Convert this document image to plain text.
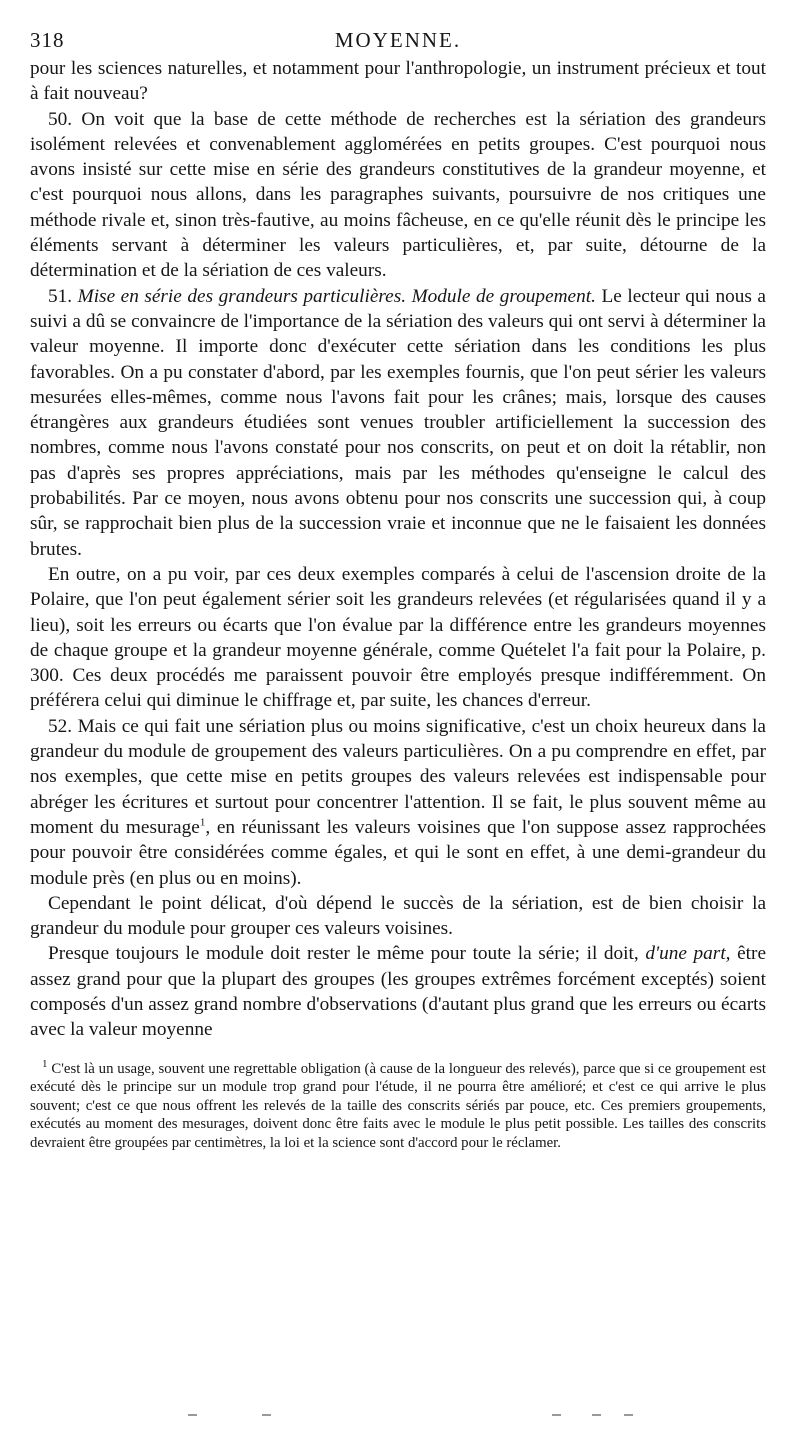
318	MOYENNE.

pour les sciences naturelles, et notamment pour l'anthropologie, un instrument précieux et tout à fait nouveau?

50. On voit que la base de cette méthode de recherches est la sériation des grandeurs isolément relevées et convenablement agglomérées en petits groupes. C'est pourquoi nous avons insisté sur cette mise en série des grandeurs constitutives de la grandeur moyenne, et c'est pourquoi nous allons, dans les paragraphes suivants, poursuivre de nos critiques une méthode rivale et, sinon très-fautive, au moins fâcheuse, en ce qu'elle réunit dès le principe les éléments servant à déterminer les valeurs particulières, et, par suite, détourne de la détermination et de la sériation de ces valeurs.

51. Mise en série des grandeurs particulières. Module de groupement. Le lecteur qui nous a suivi a dû se convaincre de l'importance de la sériation des valeurs qui ont servi à déterminer la valeur moyenne. Il importe donc d'exécuter cette sériation dans les conditions les plus favorables. On a pu constater d'abord, par les exemples fournis, que l'on peut sérier les valeurs mesurées elles-mêmes, comme nous l'avons fait pour les crânes; mais, lorsque des causes étrangères aux grandeurs étudiées sont venues troubler artificiellement la succession des nombres, comme nous l'avons constaté pour nos conscrits, on peut et on doit la rétablir, non pas d'après ses propres appréciations, mais par les méthodes qu'enseigne le calcul des probabilités. Par ce moyen, nous avons obtenu pour nos conscrits une succession qui, à coup sûr, se rapprochait bien plus de la succession vraie et inconnue que ne le faisaient les données brutes.

En outre, on a pu voir, par ces deux exemples comparés à celui de l'ascension droite de la Polaire, que l'on peut également sérier soit les grandeurs relevées (et régularisées quand il y a lieu), soit les erreurs ou écarts que l'on évalue par la différence entre les grandeurs moyennes de chaque groupe et la grandeur moyenne générale, comme Quételet l'a fait pour la Polaire, p. 300. Ces deux procédés me paraissent pouvoir être employés presque indifféremment. On préférera celui qui diminue le chiffrage et, par suite, les chances d'erreur.

52. Mais ce qui fait une sériation plus ou moins significative, c'est un choix heureux dans la grandeur du module de groupement des valeurs particulières. On a pu comprendre en effet, par nos exemples, que cette mise en petits groupes des valeurs relevées est indispensable pour abréger les écritures et surtout pour concentrer l'attention. Il se fait, le plus souvent même au moment du mesurage$^1$, en réunissant les valeurs voisines que l'on suppose assez rapprochées pour pouvoir être considérées comme égales, et qui le sont en effet, à une demi-grandeur du module près (en plus ou en moins).

Cependant le point délicat, d'où dépend le succès de la sériation, est de bien choisir la grandeur du module pour grouper ces valeurs voisines.

Presque toujours le module doit rester le même pour toute la série; il doit, d'une part, être assez grand pour que la plupart des groupes (les groupes extrêmes forcément exceptés) soient composés d'un assez grand nombre d'observations (d'autant plus grand que les erreurs ou écarts avec la valeur moyenne

$^1$ C'est là un usage, souvent une regrettable obligation (à cause de la longueur des relevés), parce que si ce groupement est exécuté dès le principe sur un module trop grand pour l'étude, il ne pourra être amélioré; et c'est ce qui arrive le plus souvent; c'est ce que nous offrent les relevés de la taille des conscrits sériés par pouce, etc. Ces premiers groupements, exécutés au moment des mesurages, doivent donc être faits avec le module le plus petit possible. Les tailles des conscrits devraient être groupées par centimètres, la loi et la science sont d'accord pour le réclamer.
